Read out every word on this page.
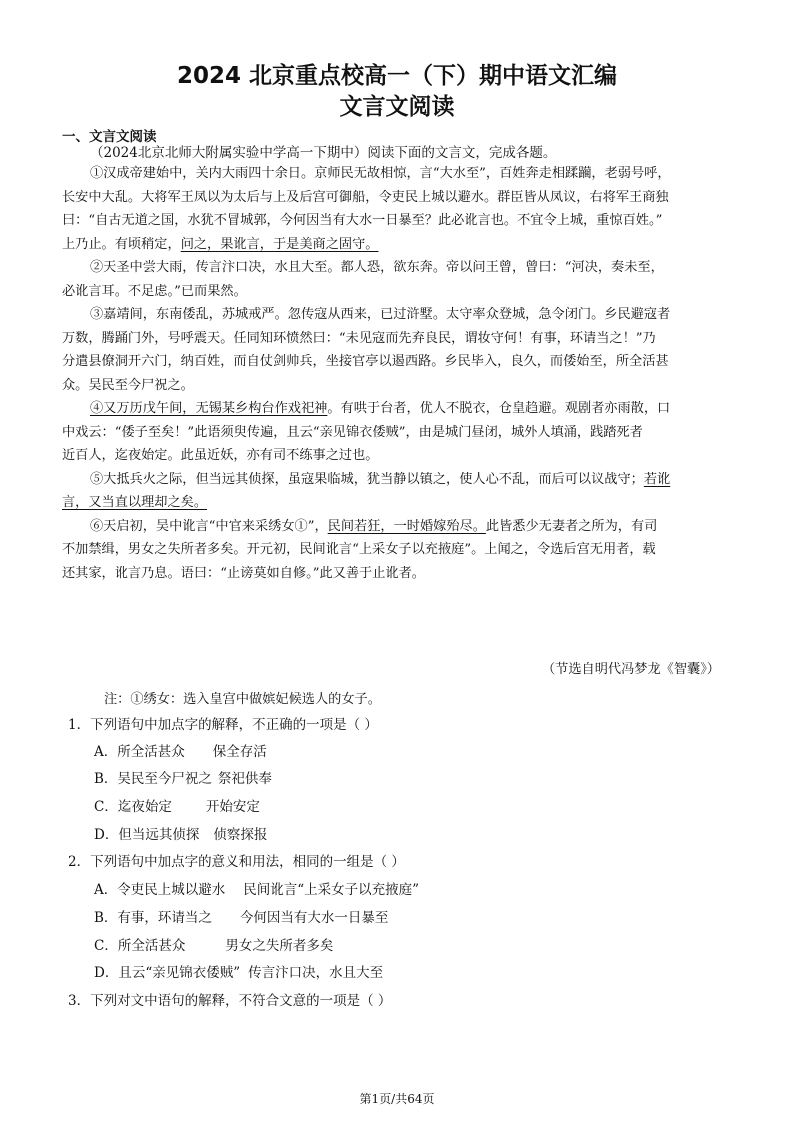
2024 北京重点校高一（下）期中语文汇编
文言文阅读
一、文言文阅读
（2024北京北师大附属实验中学高一下期中）阅读下面的文言文，完成各题。
①汉成帝建始中，关内大雨四十余日。京师民无故相惊，言“大水至”，百姓奔走相蹂躏，老弱号呼，
长安中大乱。大将军王凤以为太后与上及后宫可御船，令吏民上城以避水。群臣皆从凤议，右将军王商独
曰：“自古无道之国，水犹不冒城郭，今何因当有大水一日暴至？此必讹言也。不宜令上城，重惊百姓。”
上乃止。有顷稍定，问之，果讹言，于是美商之固守。
②天圣中尝大雨，传言汴口决，水且大至。都人恐，欲东奔。帝以问王曾，曾曰：“河决，奏未至，
必讹言耳。不足虑。”已而果然。
③嘉靖间，东南倭乱，苏城戒严。忽传寇从西来，已过浒墅。太守率众登城，急令闭门。乡民避寇者
万数，腾踊门外，号呼震天。任同知环愤然曰：“未见寇而先弃良民，谓妆守何！有事，环请当之！”乃
分遣县僚洞开六门，纳百姓，而自仗剑帅兵，坐接官亭以遏西路。乡民毕入，良久，而倭始至，所全活甚
众。吴民至今尸祝之。
④又万历戊午间，无锡某乡构台作戏祀神。有哄于台者，优人不脱衣，仓皇趋避。观剧者亦雨散，口
中戏云：“倭子至矣！”此语须臾传遍，且云“亲见锦衣倭贼”，由是城门昼闭，城外人填涌，践踏死者
近百人，迄夜始定。此虽近妖，亦有司不练事之过也。
⑤大抵兵火之际，但当远其侦探，虽寇果临城，犹当静以镇之，使人心不乱，而后可以议战守；若讹
言，又当直以理却之矣。
⑥天启初，吴中讹言“中官来采绣女①”，民间若狂，一时婚嫁殆尽。此皆悉少无妻者之所为，有司
不加禁缉，男女之失所者多矣。开元初，民间讹言“上采女子以充掖庭”。上闻之，令选后宫无用者，载
还其家，讹言乃息。语曰：“止谤莫如自修。”此又善于止讹者。
（节选自明代冯梦龙《智囊》）
注：①绣女：选入皇宫中做嫔妃候选人的女子。
1．下列语句中加点字的解释，不正确的一项是（ ）
A．所全活甚众 保全存活
B．吴民至今尸祝之 祭祀供奉
C．迄夜始定	开始安定
D．但当远其侦探 侦察探报
2．下列语句中加点字的意义和用法，相同的一组是（ ）
A．令吏民上城以避水 民间讹言“上采女子以充掖庭”
B．有事，环请当之 今何因当有大水一日暴至
C．所全活甚众	男女之失所者多矣
D．且云“亲见锦衣倭贼” 传言汴口决，水且大至
3．下列对文中语句的解释，不符合文意的一项是（ ）
第1页/共64页
